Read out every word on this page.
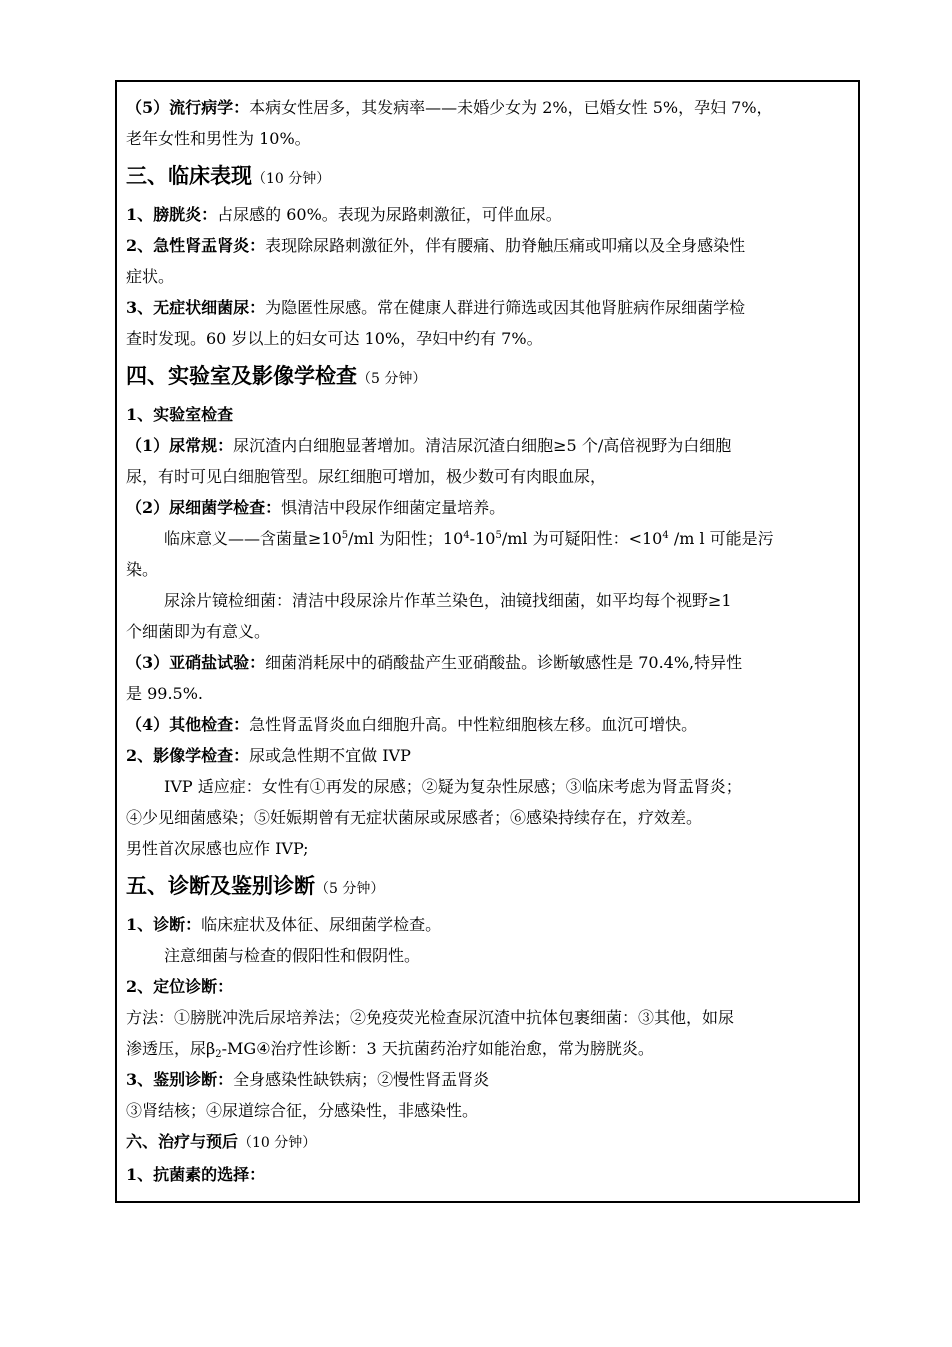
（5）流行病学：本病女性居多，其发病率——未婚少女为 2%，已婚女性 5%，孕妇 7%，

老年女性和男性为 10%。

三、临床表现（10 分钟）

1、膀胱炎：占尿感的 60%。表现为尿路刺激征，可伴血尿。

2、急性肾盂肾炎：表现除尿路刺激征外，伴有腰痛、肋脊触压痛或叩痛以及全身感染性

症状。

3、无症状细菌尿：为隐匿性尿感。常在健康人群进行筛选或因其他肾脏病作尿细菌学检

查时发现。60 岁以上的妇女可达 10%，孕妇中约有 7%。

四、实验室及影像学检查（5 分钟）

1、实验室检查

（1）尿常规：尿沉渣内白细胞显著增加。清洁尿沉渣白细胞≥5 个/高倍视野为白细胞

尿，有时可见白细胞管型。尿红细胞可增加，极少数可有肉眼血尿，

（2）尿细菌学检查：惧清洁中段尿作细菌定量培养。

临床意义——含菌量$\ge 10^5/ml$ 为阳性；$10^4-10^5/ml$ 为可疑阳性：$<10^4$ /m l 可能是污

染。

尿涂片镜检细菌：清洁中段尿涂片作革兰染色，油镜找细菌，如平均每个视野≥1

个细菌即为有意义。

（3）亚硝盐试验：细菌消耗尿中的硝酸盐产生亚硝酸盐。诊断敏感性是 70.4%,特异性

是 99.5%.

（4）其他检查：急性肾盂肾炎血白细胞升高。中性粒细胞核左移。血沉可增快。

2、影像学检查：尿或急性期不宜做 IVP

IVP 适应症：女性有①再发的尿感；②疑为复杂性尿感；③临床考虑为肾盂肾炎；

④少见细菌感染；⑤妊娠期曾有无症状菌尿或尿感者；⑥感染持续存在，疗效差。

男性首次尿感也应作 IVP;

五、诊断及鉴别诊断（5 分钟）

1、诊断：临床症状及体征、尿细菌学检查。

注意细菌与检查的假阳性和假阴性。

2、定位诊断：

方法：①膀胱冲洗后尿培养法；②免疫荧光检查尿沉渣中抗体包裹细菌：③其他，如尿

渗透压，尿$\beta_2$-MG④治疗性诊断：3 天抗菌药治疗如能治愈，常为膀胱炎。

3、鉴别诊断：全身感染性缺铁病；②慢性肾盂肾炎

③肾结核；④尿道综合征，分感染性，非感染性。

六、治疗与预后（10 分钟）

1、抗菌素的选择：
